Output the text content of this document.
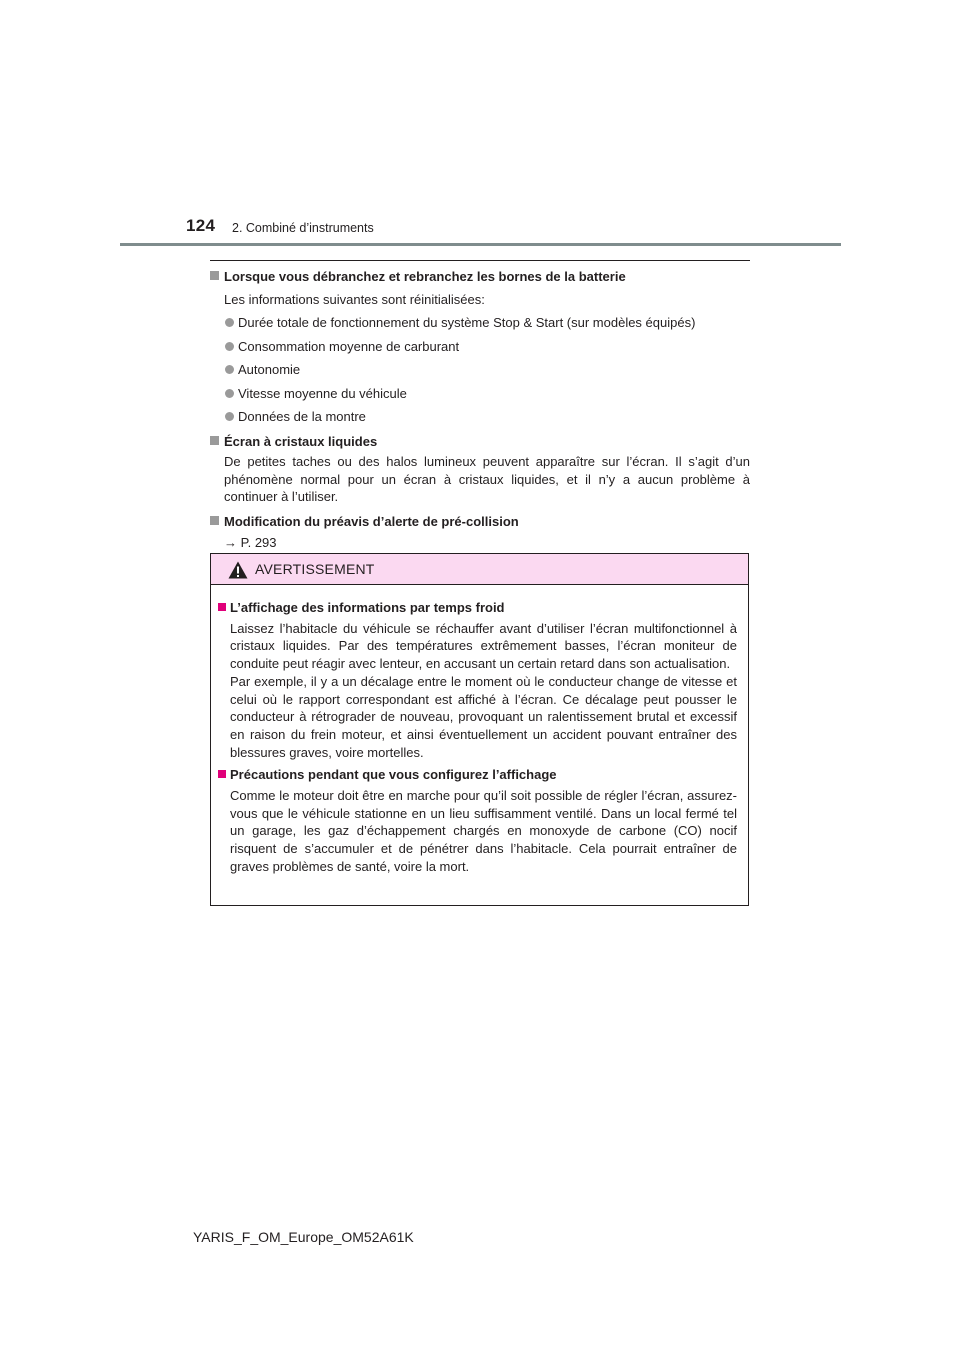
124 2. Combiné d’instruments
Lorsque vous débranchez et rebranchez les bornes de la batterie
Les informations suivantes sont réinitialisées:
Durée totale de fonctionnement du système Stop & Start (sur modèles équipés)
Consommation moyenne de carburant
Autonomie
Vitesse moyenne du véhicule
Données de la montre
Écran à cristaux liquides
De petites taches ou des halos lumineux peuvent apparaître sur l’écran. Il s’agit d’un phénomène normal pour un écran à cristaux liquides, et il n’y a aucun problème à continuer à l’utiliser.
Modification du préavis d’alerte de pré-collision
→ P. 293
AVERTISSEMENT
L’affichage des informations par temps froid
Laissez l’habitacle du véhicule se réchauffer avant d’utiliser l’écran multifonctionnel à cristaux liquides. Par des températures extrêmement basses, l’écran moniteur de conduite peut réagir avec lenteur, en accusant un certain retard dans son actualisation.
Par exemple, il y a un décalage entre le moment où le conducteur change de vitesse et celui où le rapport correspondant est affiché à l’écran. Ce décalage peut pousser le conducteur à rétrograder de nouveau, provoquant un ralentissement brutal et excessif en raison du frein moteur, et ainsi éventuellement un accident pouvant entraîner des blessures graves, voire mortelles.
Précautions pendant que vous configurez l’affichage
Comme le moteur doit être en marche pour qu’il soit possible de régler l’écran, assurez-vous que le véhicule stationne en un lieu suffisamment ventilé. Dans un local fermé tel un garage, les gaz d’échappement chargés en monoxyde de carbone (CO) nocif risquent de s’accumuler et de pénétrer dans l’habitacle. Cela pourrait entraîner de graves problèmes de santé, voire la mort.
YARIS_F_OM_Europe_OM52A61K
